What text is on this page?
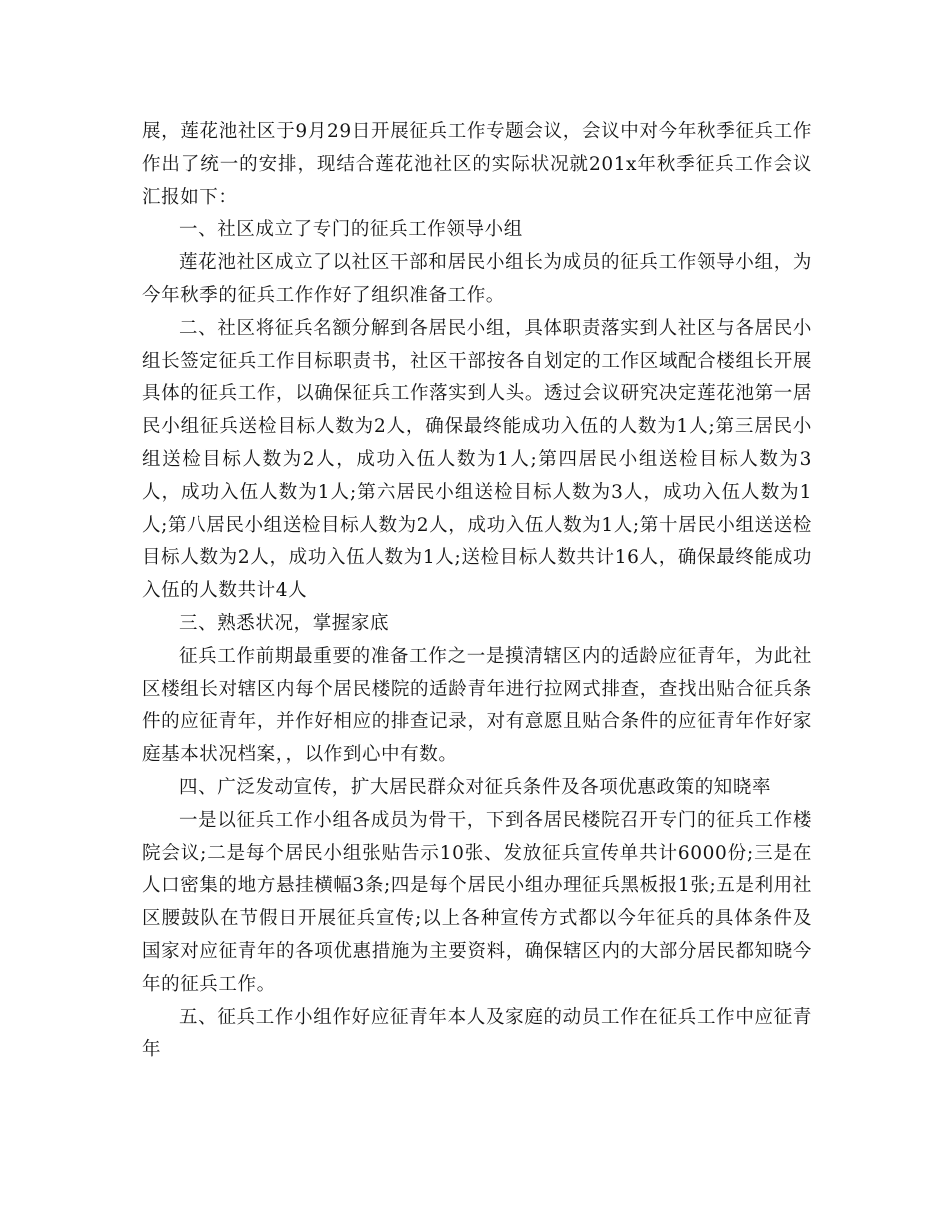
展，莲花池社区于9月29日开展征兵工作专题会议，会议中对今年秋季征兵工作作出了统一的安排，现结合莲花池社区的实际状况就201x年秋季征兵工作会议汇报如下：

一、社区成立了专门的征兵工作领导小组

莲花池社区成立了以社区干部和居民小组长为成员的征兵工作领导小组，为今年秋季的征兵工作作好了组织准备工作。

二、社区将征兵名额分解到各居民小组，具体职责落实到人社区与各居民小组长签定征兵工作目标职责书，社区干部按各自划定的工作区域配合楼组长开展具体的征兵工作，以确保征兵工作落实到人头。透过会议研究决定莲花池第一居民小组征兵送检目标人数为2人，确保最终能成功入伍的人数为1人;第三居民小组送检目标人数为2人，成功入伍人数为1人;第四居民小组送检目标人数为3人，成功入伍人数为1人;第六居民小组送检目标人数为3人，成功入伍人数为1人;第八居民小组送检目标人数为2人，成功入伍人数为1人;第十居民小组送送检目标人数为2人，成功入伍人数为1人;送检目标人数共计16人，确保最终能成功入伍的人数共计4人

三、熟悉状况，掌握家底

征兵工作前期最重要的准备工作之一是摸清辖区内的适龄应征青年，为此社区楼组长对辖区内每个居民楼院的适龄青年进行拉网式排查，查找出贴合征兵条件的应征青年，并作好相应的排查记录，对有意愿且贴合条件的应征青年作好家庭基本状况档案，，以作到心中有数。

四、广泛发动宣传，扩大居民群众对征兵条件及各项优惠政策的知晓率

一是以征兵工作小组各成员为骨干，下到各居民楼院召开专门的征兵工作楼院会议;二是每个居民小组张贴告示10张、发放征兵宣传单共计6000份;三是在人口密集的地方悬挂横幅3条;四是每个居民小组办理征兵黑板报1张;五是利用社区腰鼓队在节假日开展征兵宣传;以上各种宣传方式都以今年征兵的具体条件及国家对应征青年的各项优惠措施为主要资料，确保辖区内的大部分居民都知晓今年的征兵工作。

五、征兵工作小组作好应征青年本人及家庭的动员工作在征兵工作中应征青年
